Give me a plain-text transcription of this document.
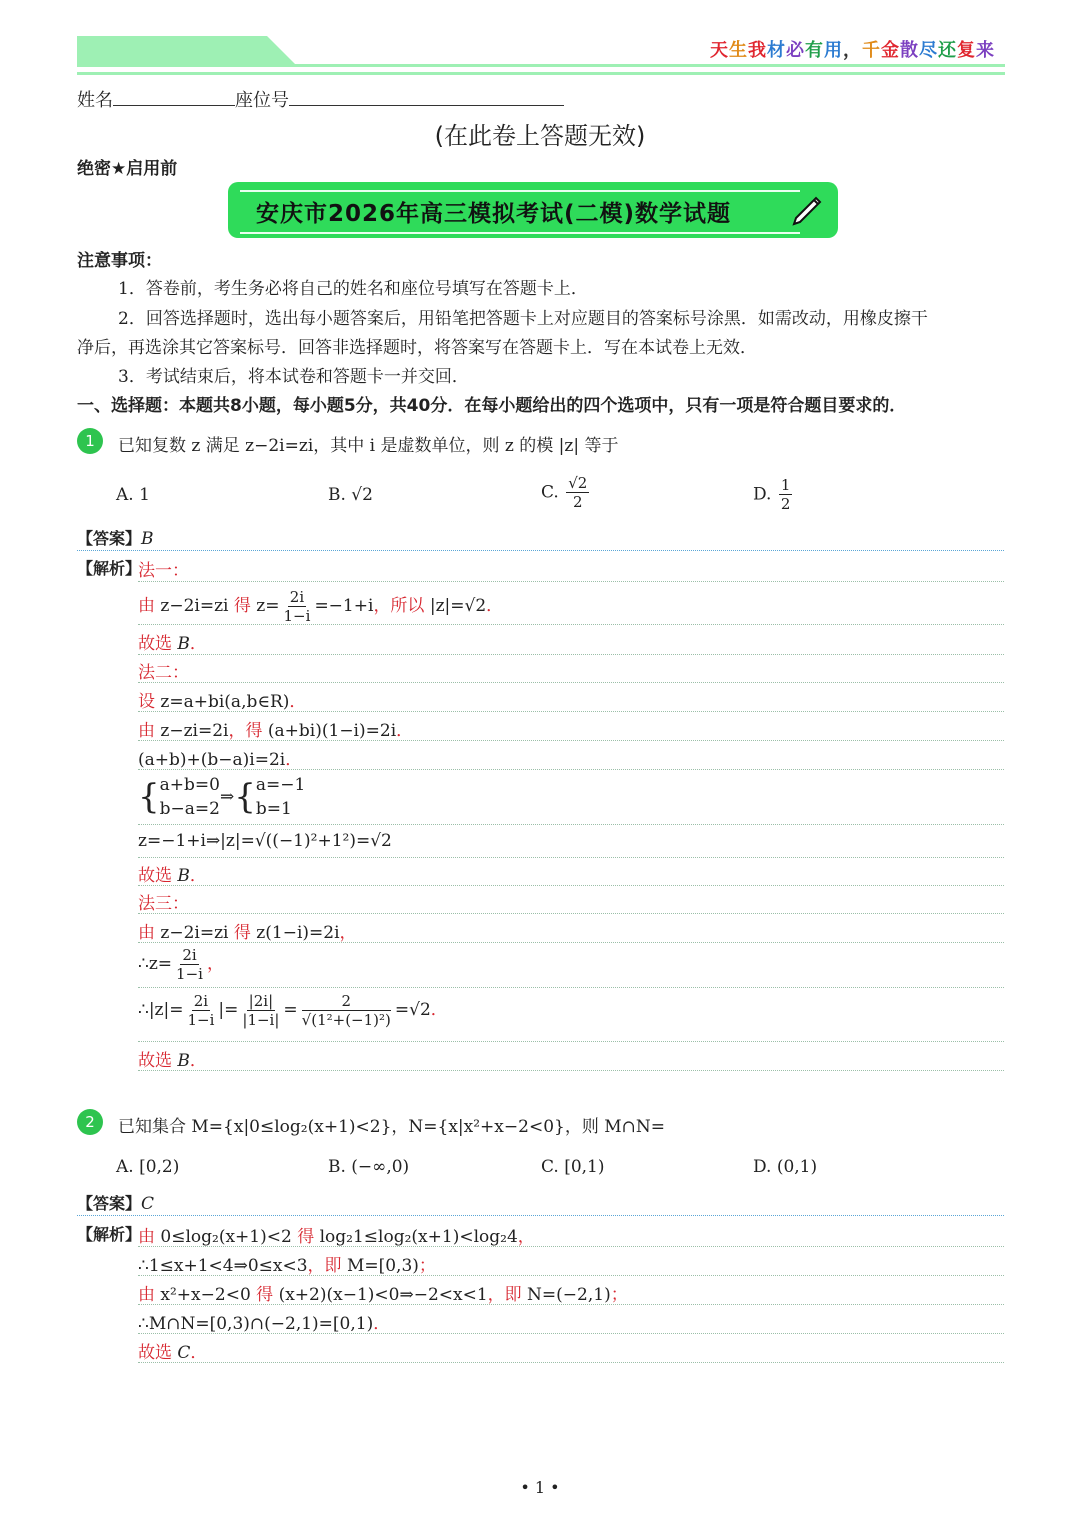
天生我材必有用，千金散尽还复来
姓名	座位号
(在此卷上答题无效)
绝密★启用前
安庆市2026年高三模拟考试(二模)数学试题
注意事项：
1．答卷前，考生务必将自己的姓名和座位号填写在答题卡上．
2．回答选择题时，选出每小题答案后，用铅笔把答题卡上对应题目的答案标号涂黑．如需改动，用橡皮擦干
净后，再选涂其它答案标号．回答非选择题时，将答案写在答题卡上．写在本试卷上无效．
3．考试结束后，将本试卷和答题卡一并交回．
一、选择题：本题共8小题，每小题5分，共40分．在每小题给出的四个选项中，只有一项是符合题目要求的．
1	已知复数 z 满足 z−2i=zi，其中 i 是虚数单位，则 z 的模 |z| 等于
A. 1	B. √2	C. $\frac{√2}{2}$	D. $\frac{1}{2}$
【答案】B
【解析】
法一：
由 z−2i=zi 得 $z= \frac{2i}{1-i} =-1+i$，所以 |z|=√2．
故选 B．
法二：
设 z=a+bi(a,b∈R)．
由 z−zi=2i，得 (a+bi)(1−i)=2i．
(a+b)+(b−a)i=2i．
{ a+b=0
b−a=2
⇒{ a=−1
b=1
z=−1+i⇒|z|=√((−1)²+1²)=√2
故选 B．
法三：
由 z−2i=zi 得 z(1−i)=2i，
∴z= $\frac{2i}{1-i}$ ，
∴|z|= $\frac{2i}{1-i}$ |= $\frac{|2i|}{|1-i|} = \frac{2}{\text{√(1²+(−1)²)}} =√2$．
故选 B．
2	已知集合 M={x|0≤log₂(x+1)<2}，N={x|x²+x−2<0}，则 M∩N=
A. [0,2)	B. (−∞,0)	C. [0,1)	D. (0,1)
【答案】C
【解析】
由 0≤log₂(x+1)<2 得 log₂1≤log₂(x+1)<log₂4，
∴1≤x+1<4⇒0≤x<3，即 M=[0,3)；
由 x²+x−2<0 得 (x+2)(x−1)<0⇒−2<x<1，即 N=(−2,1)；
∴M∩N=[0,3)∩(−2,1)=[0,1)．
故选 C．
• 1 •
